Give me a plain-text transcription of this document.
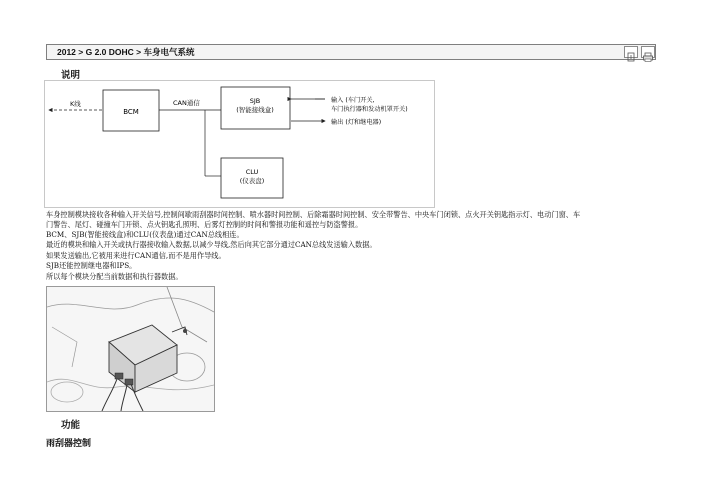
2012 > G 2.0 DOHC > 车身电气系统
说明
K线
BCM
CAN通信	SJB
(智能接线盒)
输入 (车门开关,
车门执行器和发动机罩开关)
输出 (灯和继电器)
CLU
(仪表盘)
车身控制模块接收各种输入开关信号,控制间歇雨刮器时间控制、喷水器时间控制、后除霜器时间控制、安全带警告、中央车门闭锁、点火开关钥匙指示灯、电动门窗、车
门警告、尾灯、碰撞车门开锁、点火钥匙孔照明、后雾灯控制的时间和警报功能和遥控与防盗警报。
BCM、SJB(智能接线盒)和CLU(仪表盘)通过CAN总线相连。
最近的模块和输入开关或执行器接收输入数据,以减少导线,然后向其它部分通过CAN总线发送输入数据。
如果发送输出,它被用来进行CAN通信,而不是用作导线。
SJB还能控制继电器和IPS。
所以每个模块分配当前数据和执行器数据。
功能
雨刮器控制
